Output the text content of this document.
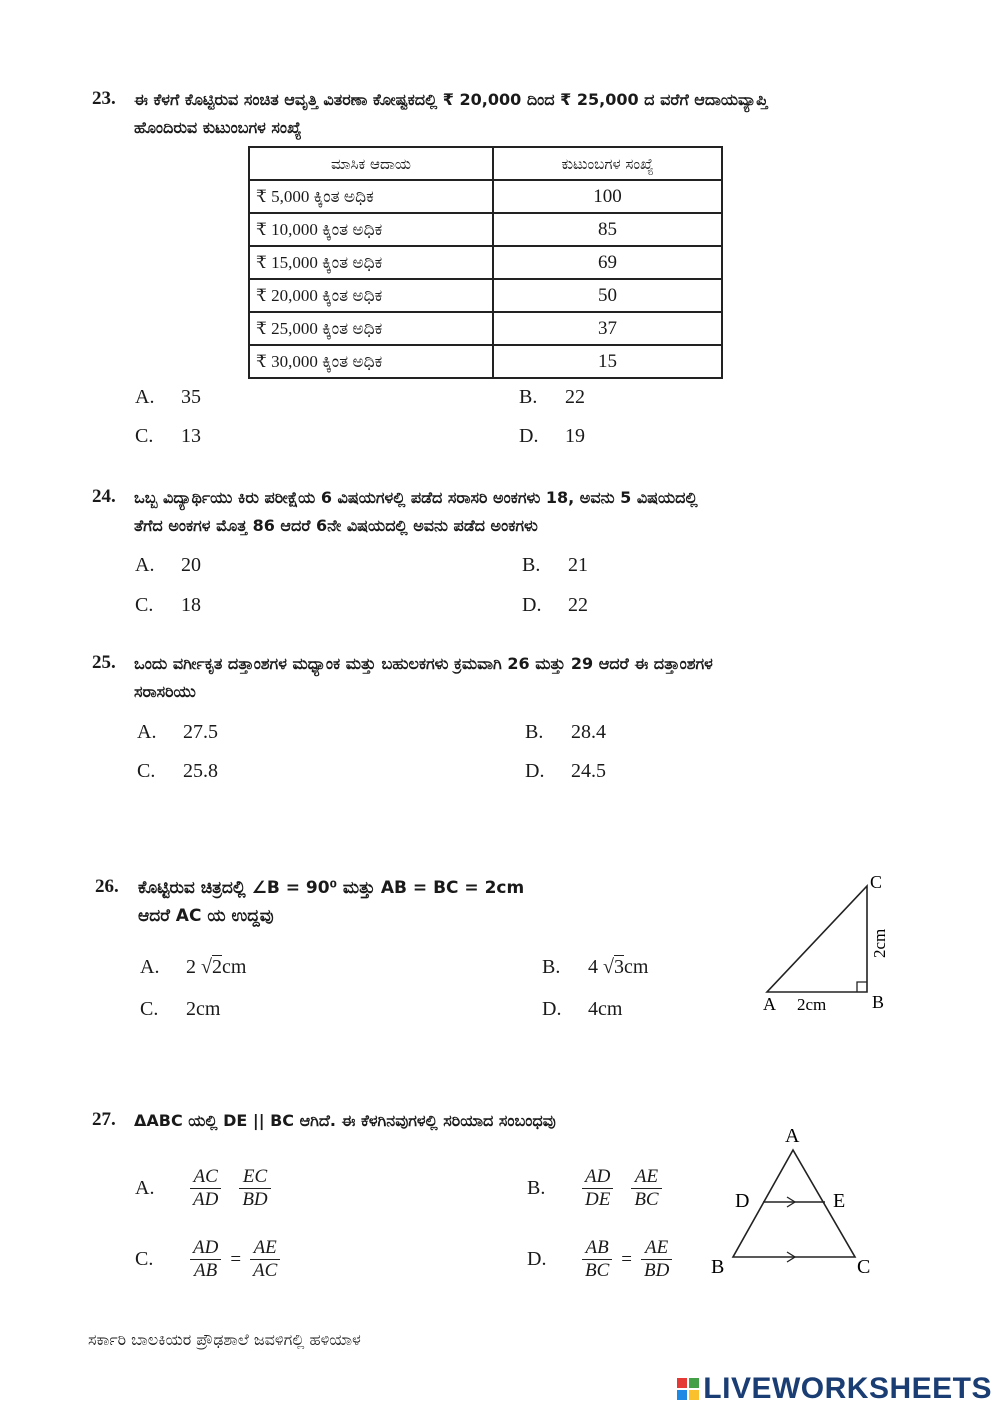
23. ಈ ಕೆಳಗೆ ಕೊಟ್ಟಿರುವ ಸಂಚಿತ ಆವೃತ್ತಿ ವಿತರಣಾ ಕೋಷ್ಟಕದಲ್ಲಿ ₹ 20,000 ದಿಂದ ₹ 25,000 ದ ವರೆಗೆ ಆದಾಯವ್ಯಾಪ್ತಿ
ಹೊಂದಿರುವ ಕುಟುಂಬಗಳ ಸಂಖ್ಯೆ
ಮಾಸಿಕ ಆದಾಯ	ಕುಟುಂಬಗಳ ಸಂಖ್ಯೆ
₹ 5,000 ಕ್ಕಿಂತ ಅಧಿಕ	100
₹ 10,000 ಕ್ಕಿಂತ ಅಧಿಕ	85
₹ 15,000 ಕ್ಕಿಂತ ಅಧಿಕ	69
₹ 20,000 ಕ್ಕಿಂತ ಅಧಿಕ	50
₹ 25,000 ಕ್ಕಿಂತ ಅಧಿಕ	37
₹ 30,000 ಕ್ಕಿಂತ ಅಧಿಕ	15
A. 35	B. 22
C. 13	D. 19
24. ಒಬ್ಬ ವಿದ್ಯಾರ್ಥಿಯು ಕಿರು ಪರೀಕ್ಷೆಯ 6 ವಿಷಯಗಳಲ್ಲಿ ಪಡೆದ ಸರಾಸರಿ ಅಂಕಗಳು 18, ಅವನು 5 ವಿಷಯದಲ್ಲಿ
ತೆಗೆದ ಅಂಕಗಳ ಮೊತ್ತ 86 ಆದರೆ 6ನೇ ವಿಷಯದಲ್ಲಿ ಅವನು ಪಡೆದ ಅಂಕಗಳು
A. 20	B. 21
C. 18	D. 22
25. ಒಂದು ವರ್ಗೀಕೃತ ದತ್ತಾಂಶಗಳ ಮಧ್ಯಾಂಕ ಮತ್ತು ಬಹುಲಕಗಳು ಕ್ರಮವಾಗಿ 26 ಮತ್ತು 29 ಆದರೆ ಈ ದತ್ತಾಂಶಗಳ
ಸರಾಸರಿಯು
A. 27.5	B. 28.4
C. 25.8	D. 24.5
26. ಕೊಟ್ಟಿರುವ ಚಿತ್ರದಲ್ಲಿ ∠B = 90⁰ ಮತ್ತು AB = BC = 2cm
ಆದರೆ AC ಯ ಉದ್ದವು
A. 2 √2cm	B. 4 √3cm
C. 2cm	D. 4cm	A	B
C
2cm
2cm
27. ΔABC ಯಲ್ಲಿ DE || BC ಆಗಿದೆ. ಈ ಕೆಳಗಿನವುಗಳಲ್ಲಿ ಸರಿಯಾದ ಸಂಬಂಧವು
A. $\frac{AC}{AD}$
$\frac{EC}{BD}$	B. $\frac{AD}{DE}$
$\frac{AE}{BC}$
C. $\frac{AD}{AB} = \frac{AE}{AC}$	D. $\frac{AB}{BC} = \frac{AE}{BD}$
A
D	E
B	C
ಸರ್ಕಾರಿ ಬಾಲಕಿಯರ ಪ್ರೌಢಶಾಲೆ ಜವಳಿಗಲ್ಲಿ ಹಳಿಯಾಳ
LIVEWORKSHEETS
